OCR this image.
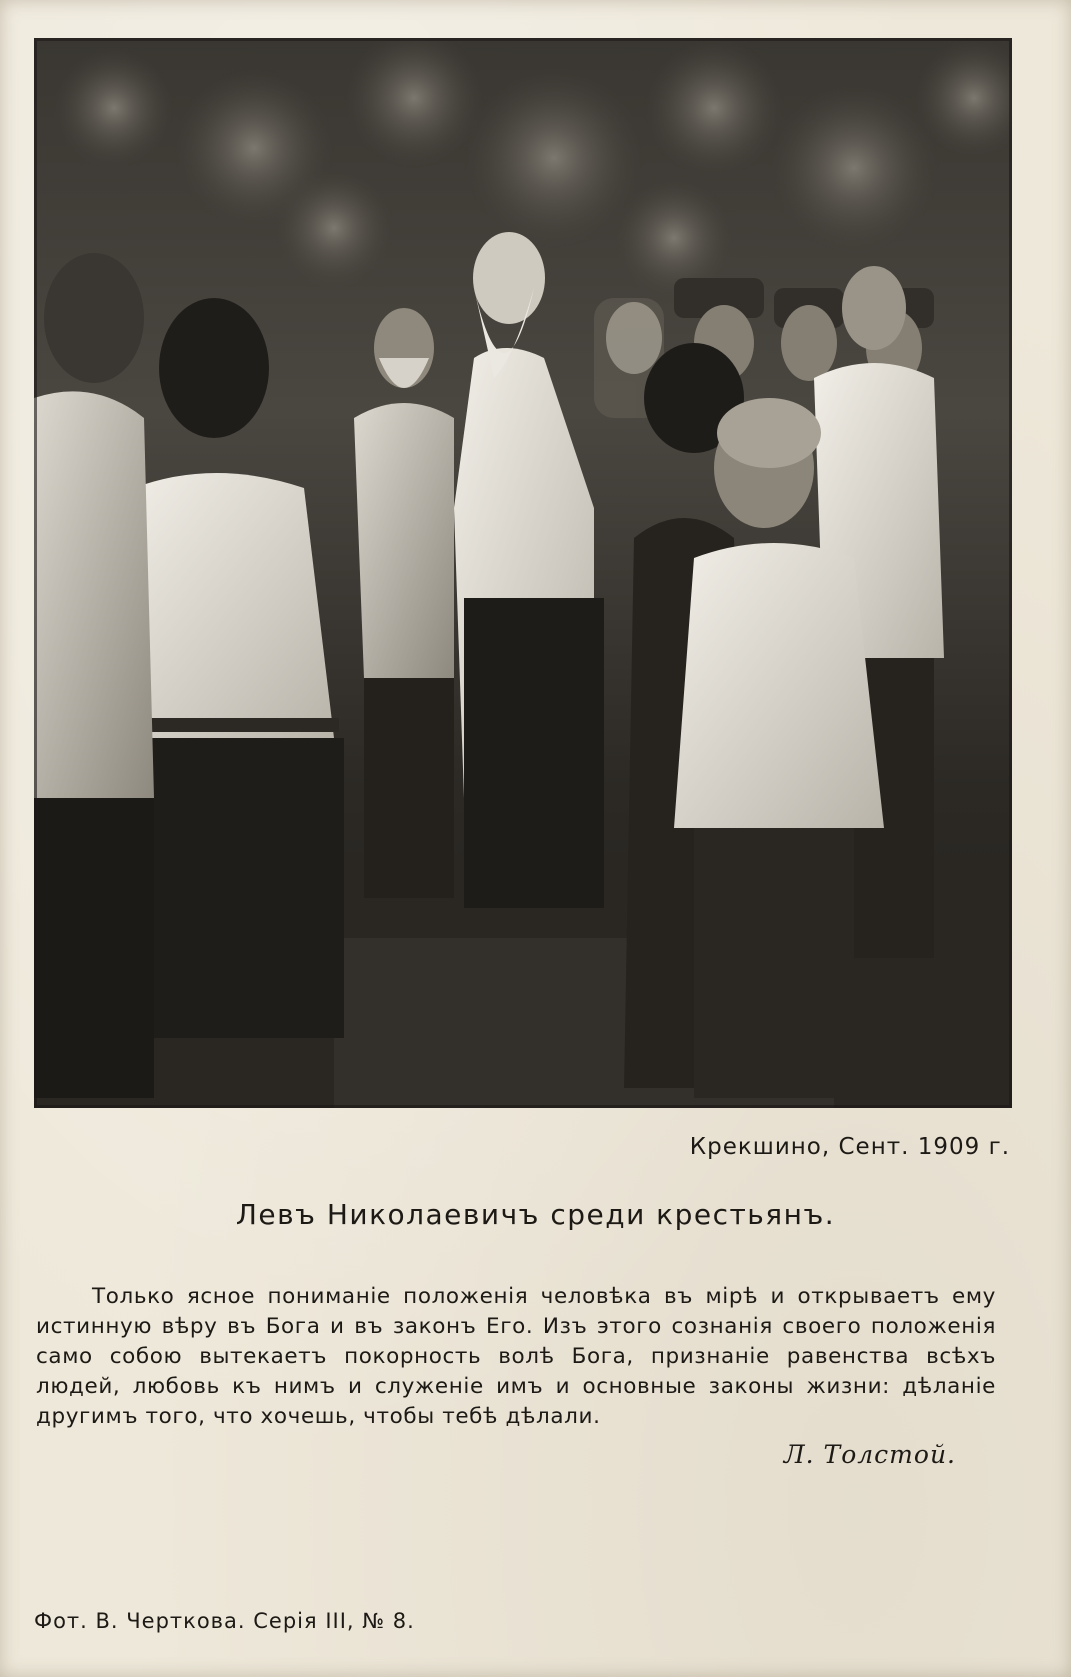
Крекшино, Сент. 1909 г.
Левъ Николаевичъ среди крестьянъ.
Только ясное пониманіе положенія человѣка въ мірѣ и открываетъ ему истинную вѣру въ Бога и въ законъ Его. Изъ этого сознанія своего положенія само собою вытекаетъ покорность волѣ Бога, признаніе равенства всѣхъ людей, любовь къ нимъ и служеніе имъ и основные законы жизни: дѣланіе другимъ того, что хочешь, чтобы тебѣ дѣлали.
Л. Толстой.
Фот. В. Черткова. Серія III, № 8.
